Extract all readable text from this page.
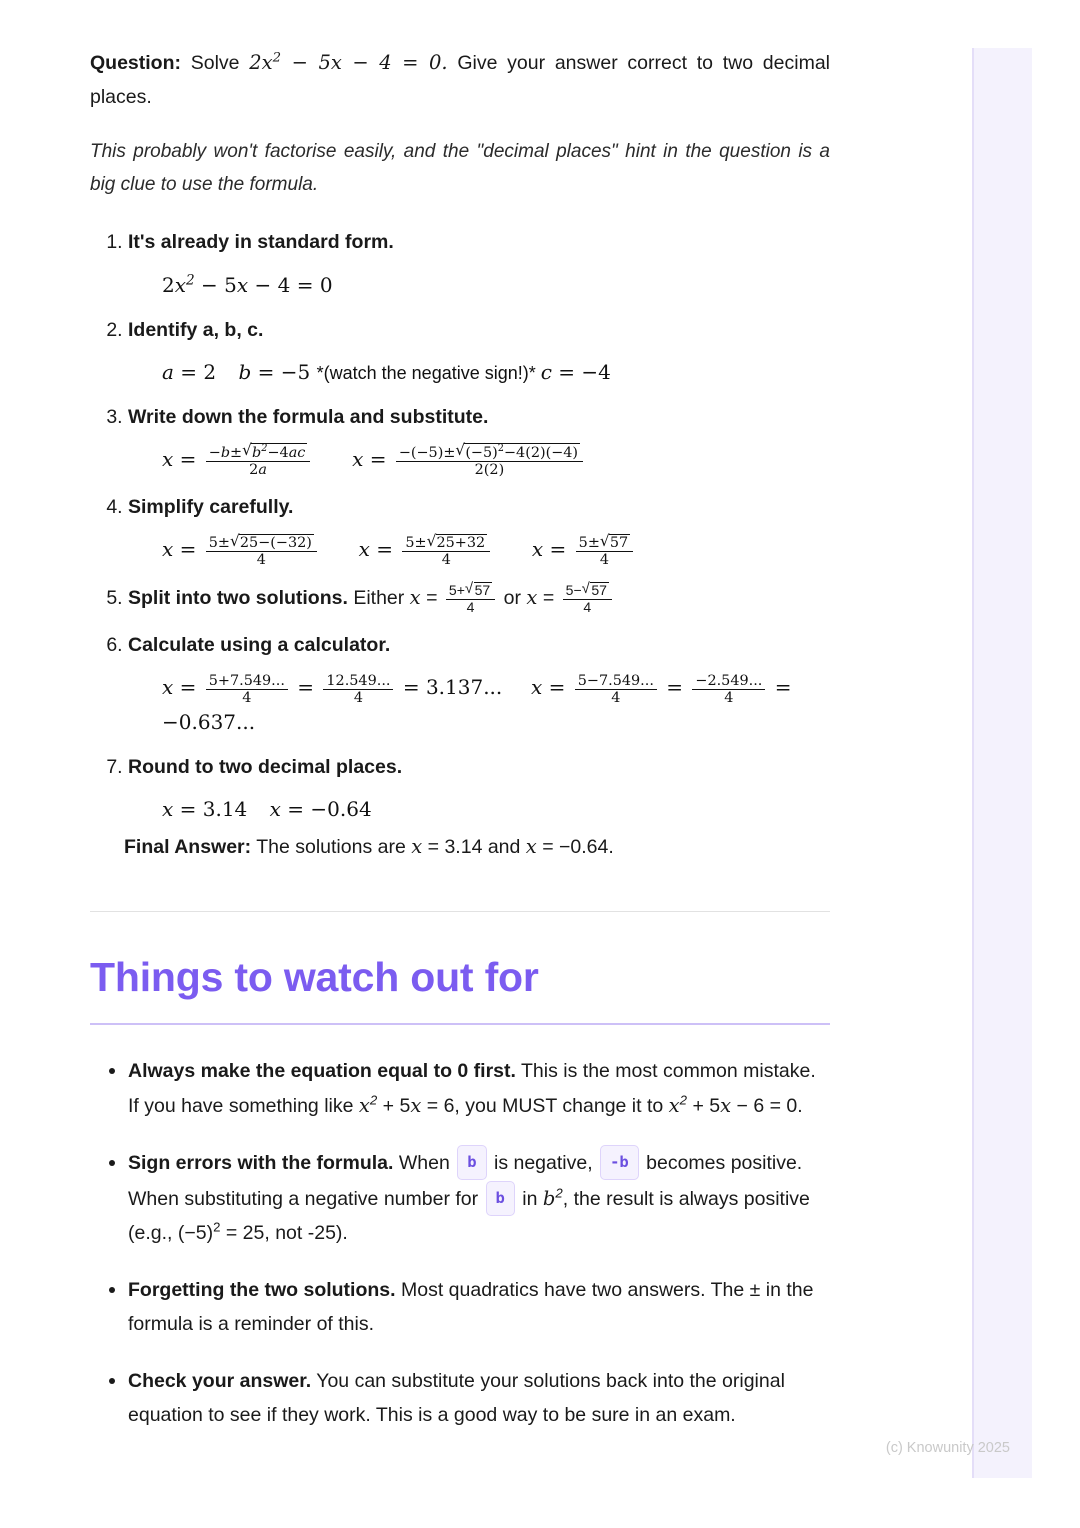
Question: Solve $2x^2 - 5x - 4 = 0$. Give your answer correct to two decimal places.

This probably won't factorise easily, and the "decimal places" hint in the question is a big clue to use the formula.

1. It's already in standard form.
$2x^2 - 5x - 4 = 0$
2. Identify a, b, c.
a = 2 b = −5 *(watch the negative sign!)* c = −4
3. Write down the formula and substitute.
$x = \frac{-b\pm √ b^2-4ac}{2a}$ $x = \frac{-(-5)\pm √ (-5)^2-4(2)(-4)}{2(2)}$
4. Simplify carefully.
$x = \frac{5\pm √ 25-(-32)}{4}$ $x = \frac{5\pm √ 25+32}{4}$ $x = \frac{5\pm √ 57}{4}$
5. Split into two solutions. Either $x = \frac{5+ √ 57}{4}$ or $x = \frac{5- √ 57}{4}$
6. Calculate using a calculator.
$x = \frac{5+7.549...}{4} = \frac{12.549...}{4} = 3.137$...  $x = \frac{5-7.549...}{4} = \frac{-2.549...}{4} = -0.637$...
7. Round to two decimal places.
x = 3.14 x = −0.64

Final Answer: The solutions are x = 3.14 and x = −0.64.

Things to watch out for
• Always make the equation equal to 0 first. This is the most common mistake. If you have something like $x^2 + 5x = 6$, you MUST change it to $x^2 + 5x - 6 = 0$.
• Sign errors with the formula. When b is negative, -b becomes positive. When substituting a negative number for b in $b^2$, the result is always positive (e.g., $(-5)^2 = 25$, not -25).
• Forgetting the two solutions. Most quadratics have two answers. The ± in the formula is a reminder of this.
• Check your answer. You can substitute your solutions back into the original equation to see if they work. This is a good way to be sure in an exam.
(c) Knowunity 2025
